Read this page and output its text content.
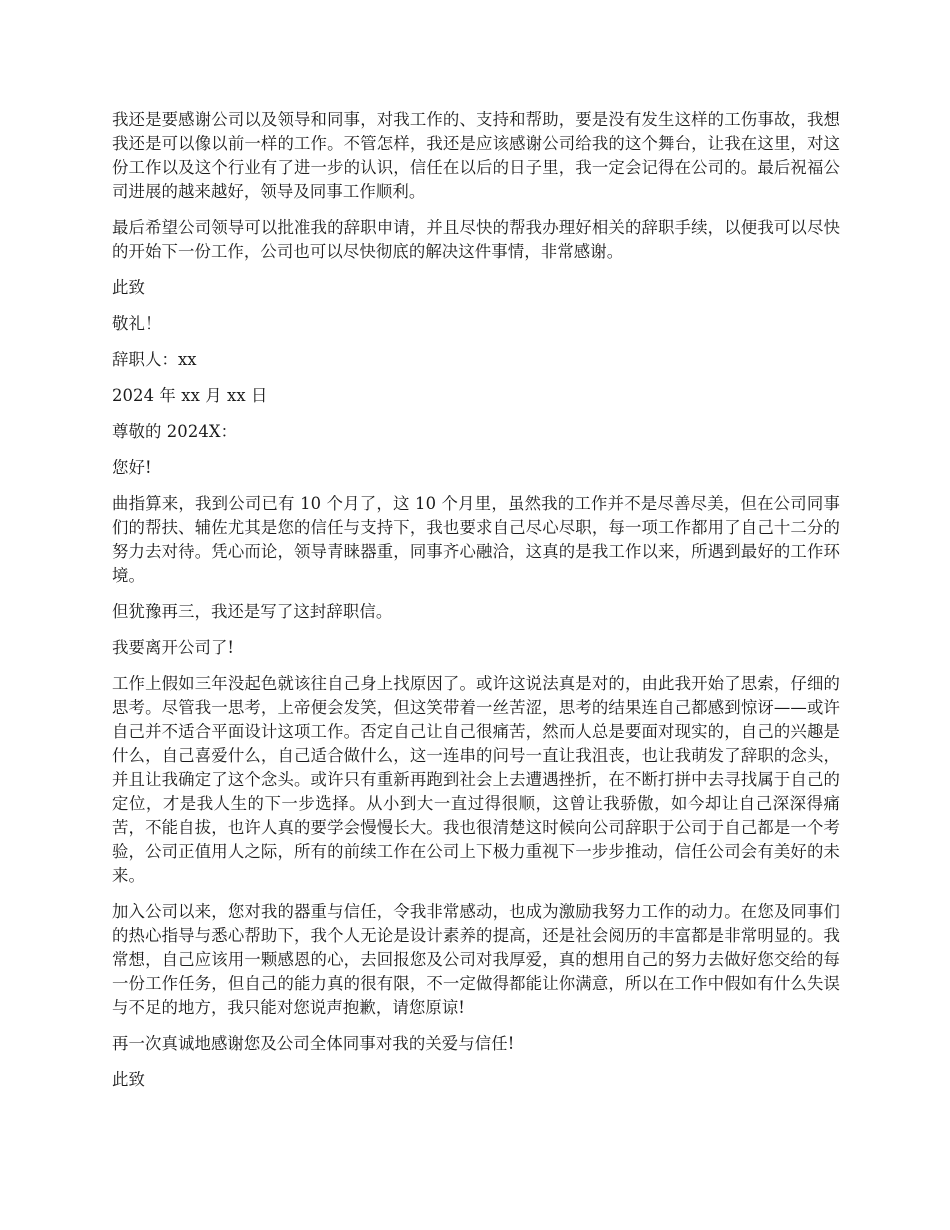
我还是要感谢公司以及领导和同事，对我工作的、支持和帮助，要是没有发生这样的工伤事故，我想我还是可以像以前一样的工作。不管怎样，我还是应该感谢公司给我的这个舞台，让我在这里，对这份工作以及这个行业有了进一步的认识，信任在以后的日子里，我一定会记得在公司的。最后祝福公司进展的越来越好，领导及同事工作顺利。

最后希望公司领导可以批准我的辞职申请，并且尽快的帮我办理好相关的辞职手续，以便我可以尽快的开始下一份工作，公司也可以尽快彻底的解决这件事情，非常感谢。

此致

敬礼！

辞职人：xx

2024 年 xx 月 xx 日

尊敬的 2024X：

您好!

曲指算来，我到公司已有 10 个月了，这 10 个月里，虽然我的工作并不是尽善尽美，但在公司同事们的帮扶、辅佐尤其是您的信任与支持下，我也要求自己尽心尽职，每一项工作都用了自己十二分的努力去对待。凭心而论，领导青睐器重，同事齐心融洽，这真的是我工作以来，所遇到最好的工作环境。

但犹豫再三，我还是写了这封辞职信。

我要离开公司了!

工作上假如三年没起色就该往自己身上找原因了。或许这说法真是对的，由此我开始了思索，仔细的思考。尽管我一思考，上帝便会发笑，但这笑带着一丝苦涩，思考的结果连自己都感到惊讶——或许自己并不适合平面设计这项工作。否定自己让自己很痛苦，然而人总是要面对现实的，自己的兴趣是什么，自己喜爱什么，自己适合做什么，这一连串的问号一直让我沮丧，也让我萌发了辞职的念头，并且让我确定了这个念头。或许只有重新再跑到社会上去遭遇挫折，在不断打拼中去寻找属于自己的定位，才是我人生的下一步选择。从小到大一直过得很顺，这曾让我骄傲，如今却让自己深深得痛苦，不能自拔，也许人真的要学会慢慢长大。我也很清楚这时候向公司辞职于公司于自己都是一个考验，公司正值用人之际，所有的前续工作在公司上下极力重视下一步步推动，信任公司会有美好的未来。

加入公司以来，您对我的器重与信任，令我非常感动，也成为激励我努力工作的动力。在您及同事们的热心指导与悉心帮助下，我个人无论是设计素养的提高，还是社会阅历的丰富都是非常明显的。我常想，自己应该用一颗感恩的心，去回报您及公司对我厚爱，真的想用自己的努力去做好您交给的每一份工作任务，但自己的能力真的很有限，不一定做得都能让你满意，所以在工作中假如有什么失误与不足的地方，我只能对您说声抱歉，请您原谅!

再一次真诚地感谢您及公司全体同事对我的关爱与信任!

此致
